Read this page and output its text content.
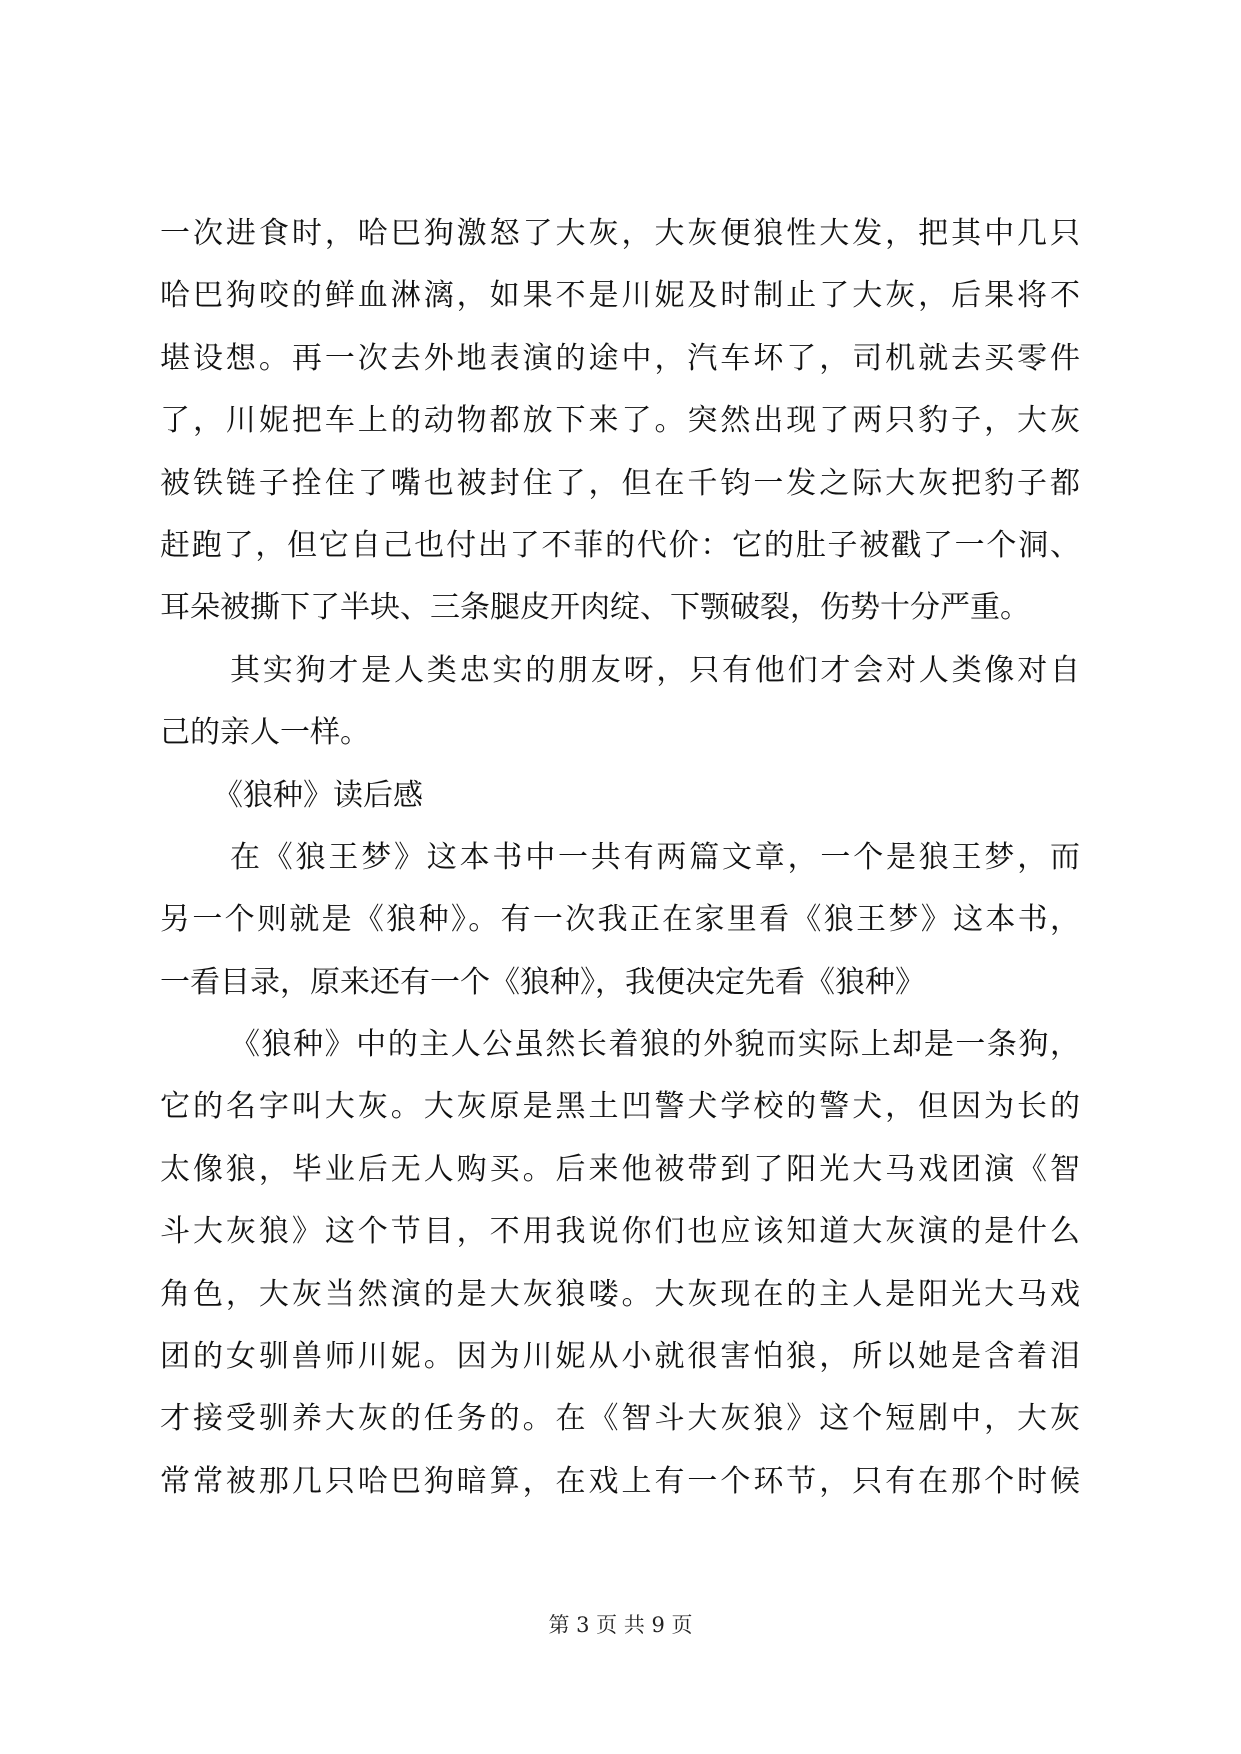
一次进食时，哈巴狗激怒了大灰，大灰便狼性大发，把其中几只
哈巴狗咬的鲜血淋漓，如果不是川妮及时制止了大灰，后果将不
堪设想。再一次去外地表演的途中，汽车坏了，司机就去买零件
了，川妮把车上的动物都放下来了。突然出现了两只豹子，大灰
被铁链子拴住了嘴也被封住了，但在千钧一发之际大灰把豹子都
赶跑了，但它自己也付出了不菲的代价：它的肚子被戳了一个洞、
耳朵被撕下了半块、三条腿皮开肉绽、下颚破裂，伤势十分严重。
其实狗才是人类忠实的朋友呀，只有他们才会对人类像对自
己的亲人一样。
《狼种》读后感
在《狼王梦》这本书中一共有两篇文章，一个是狼王梦，而
另一个则就是《狼种》。有一次我正在家里看《狼王梦》这本书，
一看目录，原来还有一个《狼种》，我便决定先看《狼种》
《狼种》中的主人公虽然长着狼的外貌而实际上却是一条狗，
它的名字叫大灰。大灰原是黑土凹警犬学校的警犬，但因为长的
太像狼，毕业后无人购买。后来他被带到了阳光大马戏团演《智
斗大灰狼》这个节目，不用我说你们也应该知道大灰演的是什么
角色，大灰当然演的是大灰狼喽。大灰现在的主人是阳光大马戏
团的女驯兽师川妮。因为川妮从小就很害怕狼，所以她是含着泪
才接受驯养大灰的任务的。在《智斗大灰狼》这个短剧中，大灰
常常被那几只哈巴狗暗算，在戏上有一个环节，只有在那个时候
第 3 页 共 9 页
